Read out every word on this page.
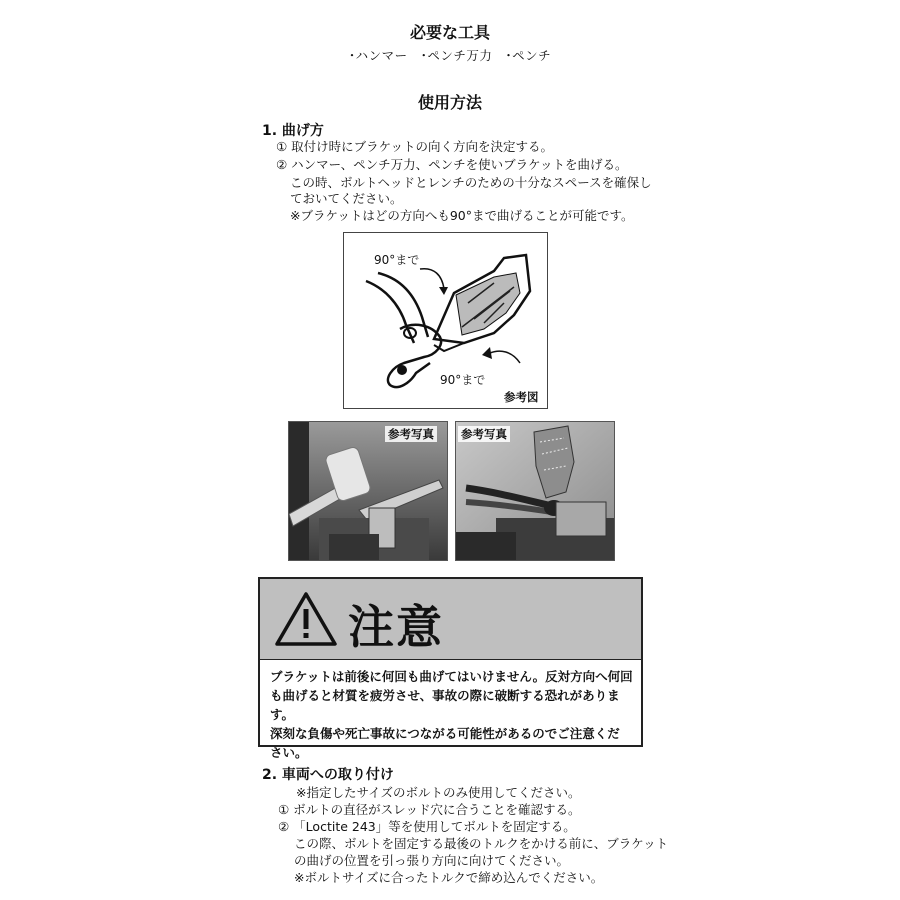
必要な工具
･ハンマー　･ペンチ万力　･ペンチ
使用方法
1. 曲げ方
① 取付け時にブラケットの向く方向を決定する。
② ハンマー、ペンチ万力、ペンチを使いブラケットを曲げる。
この時、ボルトヘッドとレンチのための十分なスペースを確保し
ておいてください。
※ブラケットはどの方向へも90°まで曲げることが可能です。
90°まで
90°まで
参考図
参考写真 参考写真
注意
ブラケットは前後に何回も曲げてはいけません。反対方向へ何回
も曲げると材質を疲労させ、事故の際に破断する恐れがあります。
深刻な負傷や死亡事故につながる可能性があるのでご注意くだ
さい。
2. 車両への取り付け
※指定したサイズのボルトのみ使用してください。
① ボルトの直径がスレッド穴に合うことを確認する。
② 「Loctite 243」等を使用してボルトを固定する。
この際、ボルトを固定する最後のトルクをかける前に、ブラケット
の曲げの位置を引っ張り方向に向けてください。
※ボルトサイズに合ったトルクで締め込んでください。
